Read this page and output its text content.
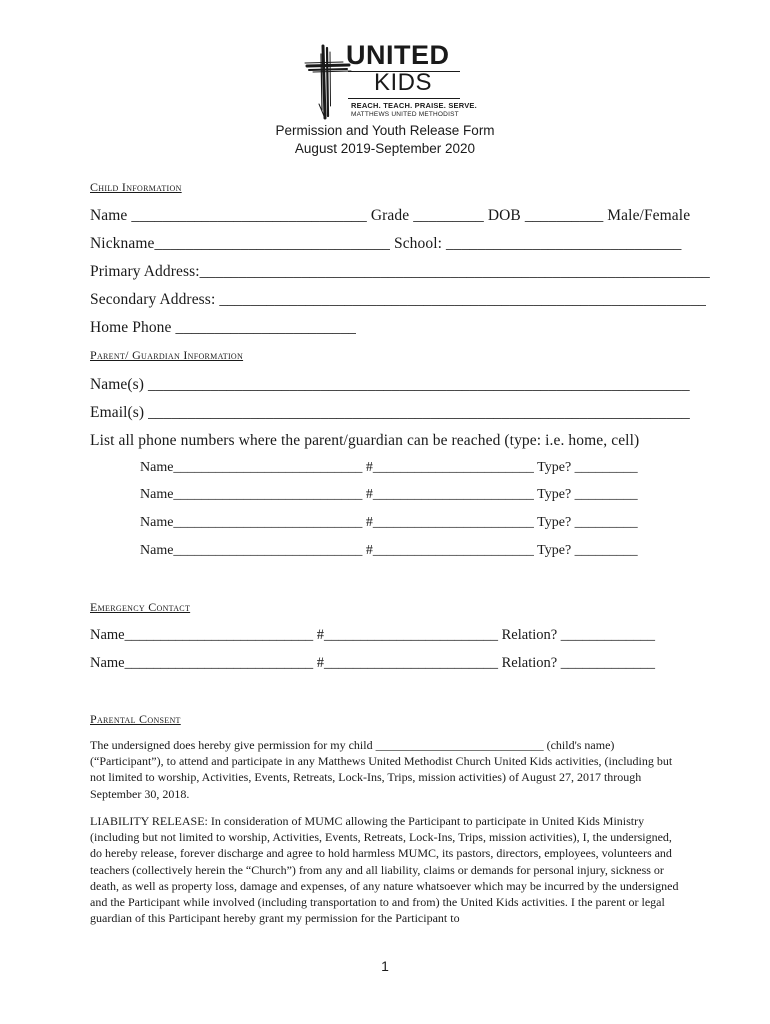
UNITED
KIDS
REACH. TEACH. PRAISE. SERVE.
MATTHEWS UNITED METHODIST
Permission and Youth Release Form
August 2019-September 2020
Child Information
Name ______________________________ Grade _________ DOB __________ Male/Female
Nickname______________________________ School: ______________________________
Primary Address:_________________________________________________________________
Secondary Address: ______________________________________________________________
Home Phone _______________________
Parent/ Guardian Information
Name(s) _____________________________________________________________________
Email(s) _____________________________________________________________________
List all phone numbers where the parent/guardian can be reached (type: i.e. home, cell)
Name___________________________ #_______________________ Type? _________
Name___________________________ #_______________________ Type? _________
Name___________________________ #_______________________ Type? _________
Name___________________________ #_______________________ Type? _________
Emergency Contact
Name__________________________ #________________________ Relation? _____________
Name__________________________ #________________________ Relation? _____________
Parental Consent
The undersigned does hereby give permission for my child ____________________________ (child's name)(“Participant”), to attend and participate in any Matthews United Methodist Church United Kids activities, (including but not limited to worship, Activities, Events, Retreats, Lock-Ins, Trips, mission activities) of August 27, 2017 through September 30, 2018.
LIABILITY RELEASE: In consideration of MUMC allowing the Participant to participate in United Kids Ministry (including but not limited to worship, Activities, Events, Retreats, Lock-Ins, Trips, mission activities), I, the undersigned, do hereby release, forever discharge and agree to hold harmless MUMC, its pastors, directors, employees, volunteers and teachers (collectively herein the “Church”) from any and all liability, claims or demands for personal injury, sickness or death, as well as property loss, damage and expenses, of any nature whatsoever which may be incurred by the undersigned and the Participant while involved (including transportation to and from) the United Kids activities. I the parent or legal guardian of this Participant hereby grant my permission for the Participant to
1
